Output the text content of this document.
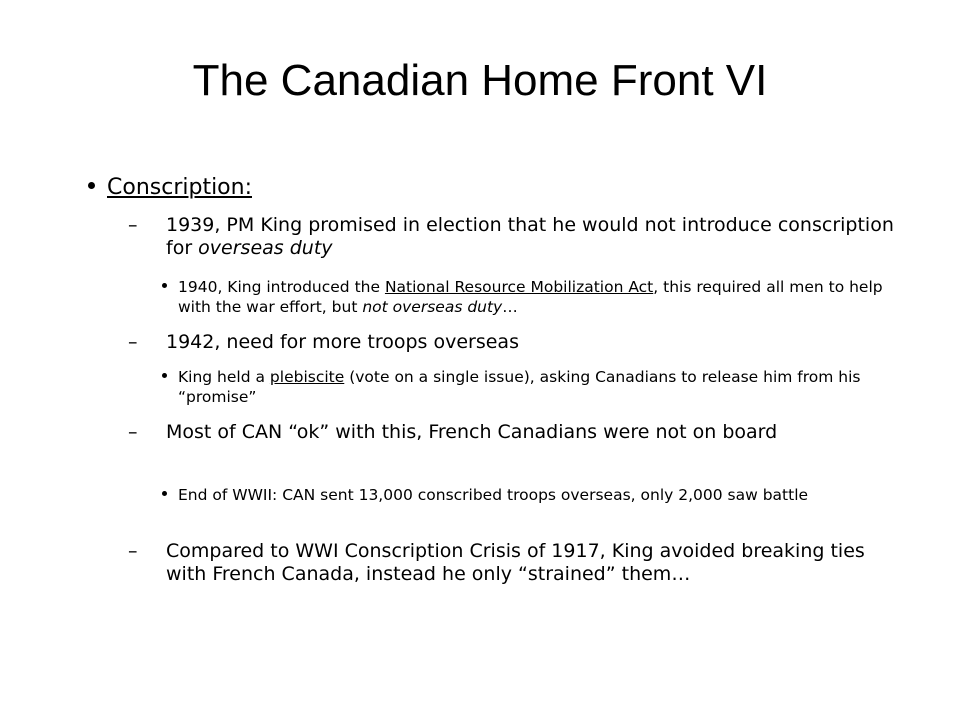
The Canadian Home Front VI
Conscription:
–	1939, PM King promised in election that he would not introduce conscription for overseas duty
1940, King introduced the National Resource Mobilization Act, this required all men to help with the war effort, but not overseas duty…
–	1942, need for more troops overseas
King held a plebiscite (vote on a single issue), asking Canadians to release him from his “promise”
–	Most of CAN “ok” with this, French Canadians were not on board
End of WWII: CAN sent 13,000 conscribed troops overseas, only 2,000 saw battle
–	Compared to WWI Conscription Crisis of 1917, King avoided breaking ties with French Canada, instead he only “strained” them…
